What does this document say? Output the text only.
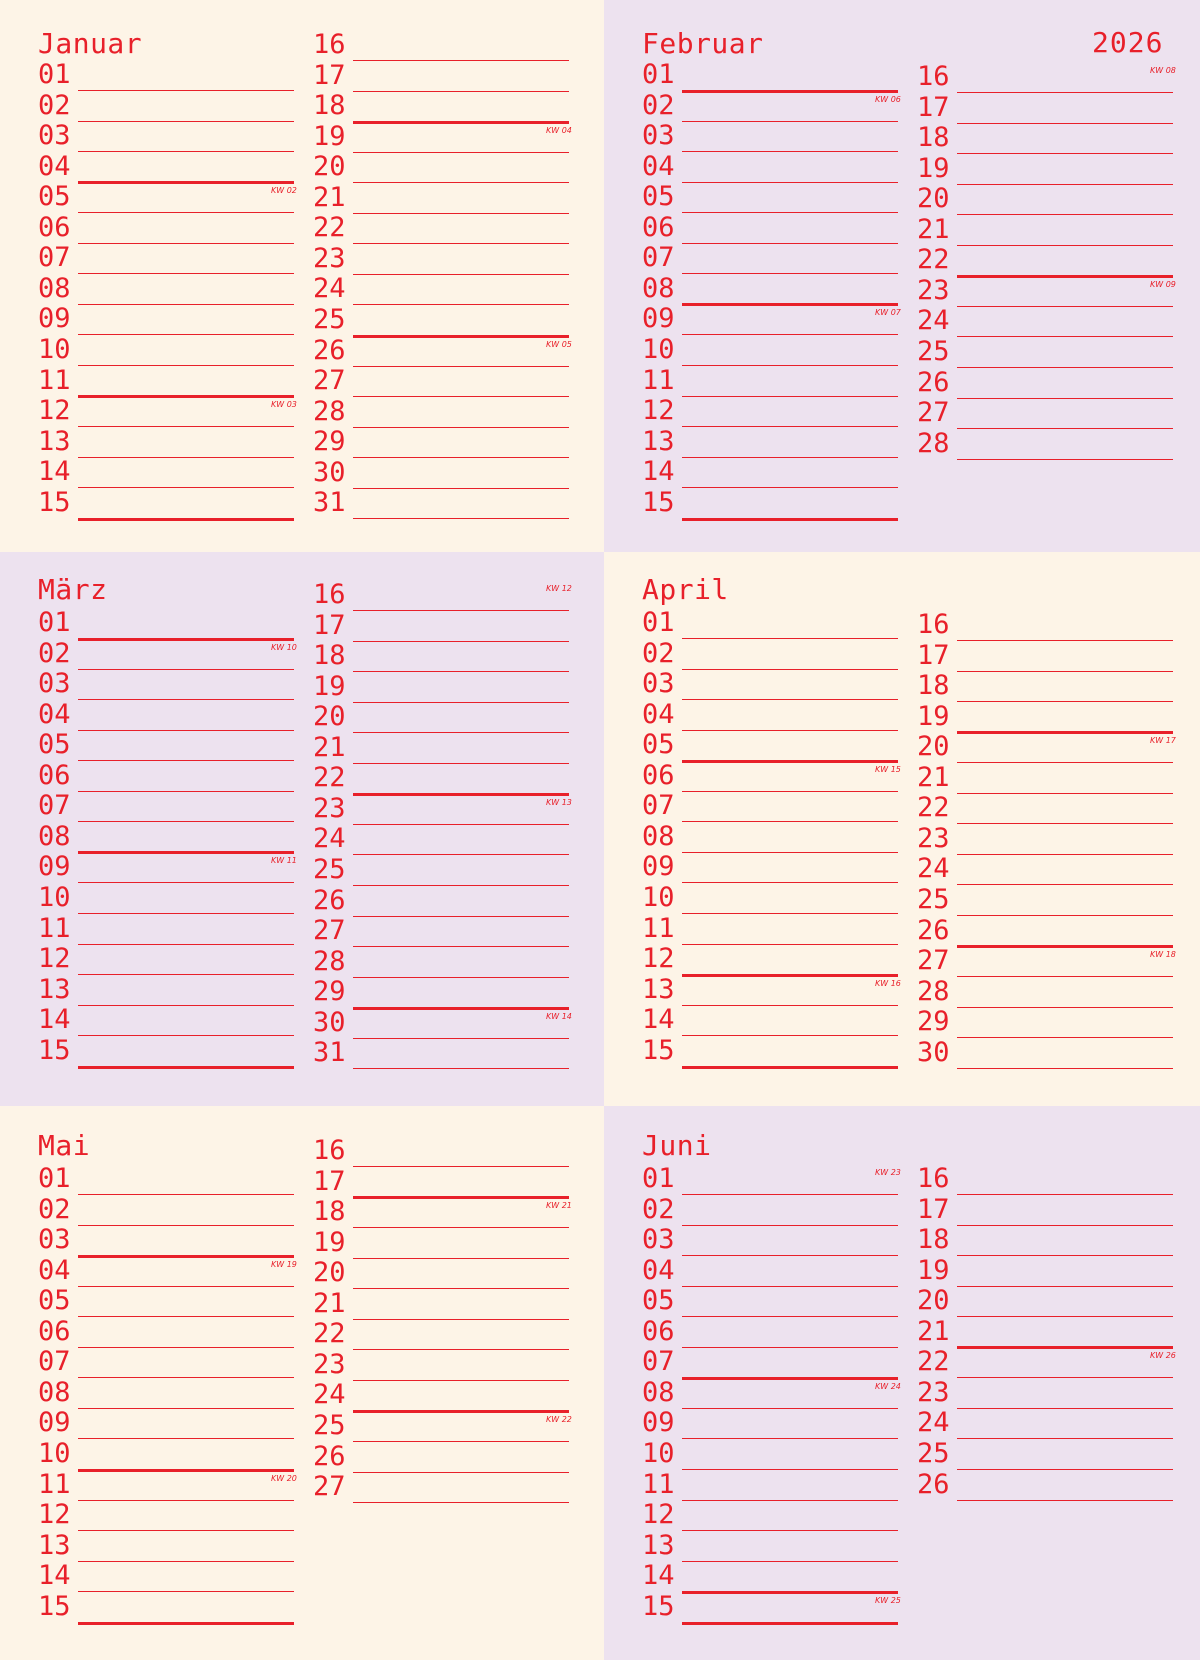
Januar
01
02
03
04
05
06
07
08
09
10
11
12
13
14
15
16
17
18
19
20
21
22
23
24
25
26
27
28
29
30
31
KW 02
KW 03
KW 04
KW 05
Februar
01
02
03
04
05
06
07
08
09
10
11
12
13
14
15
16
17
18
19
20
21
22
23
24
25
26
27
28
KW 06
KW 07
KW 08
KW 09
März
01
02
03
04
05
06
07
08
09
10
11
12
13
14
15
16
17
18
19
20
21
22
23
24
25
26
27
28
29
30
31
KW 10
KW 11
KW 12
KW 13
KW 14
April
01
02
03
04
05
06
07
08
09
10
11
12
13
14
15
16
17
18
19
20
21
22
23
24
25
26
27
28
29
30
KW 15
KW 16
KW 17
KW 18
Mai
01
02
03
04
05
06
07
08
09
10
11
12
13
14
15
16
17
18
19
20
21
22
23
24
25
26
27
KW 19
KW 20
KW 21
KW 22
Juni
01
02
03
04
05
06
07
08
09
10
11
12
13
14
15
16
17
18
19
20
21
22
23
24
25
26
KW 23
KW 24
KW 25
KW 26
2026
